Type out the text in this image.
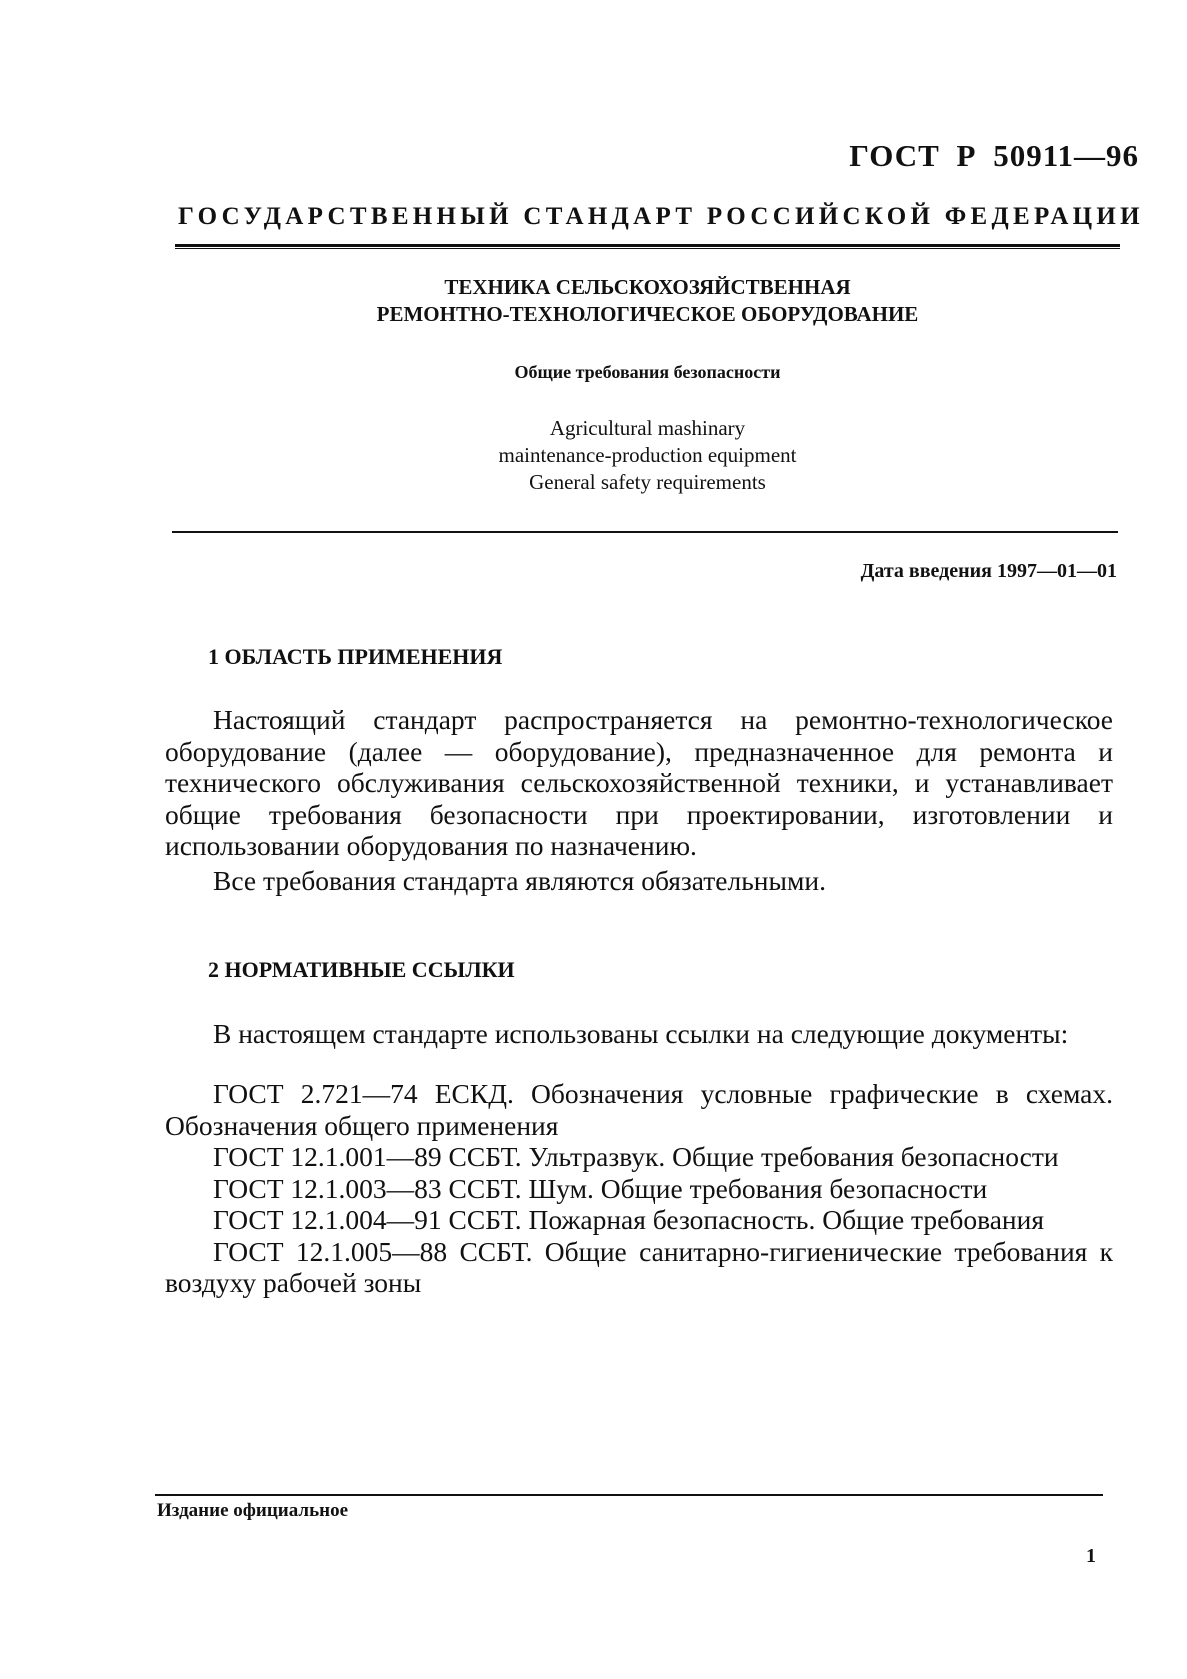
ГОСТ Р 50911—96
ГОСУДАРСТВЕННЫЙ СТАНДАРТ РОССИЙСКОЙ ФЕДЕРАЦИИ
ТЕХНИКА СЕЛЬСКОХОЗЯЙСТВЕННАЯ
РЕМОНТНО-ТЕХНОЛОГИЧЕСКОЕ ОБОРУДОВАНИЕ
Общие требования безопасности
Agricultural mashinary
maintenance-production equipment
General safety requirements
Дата введения 1997—01—01
1 ОБЛАСТЬ ПРИМЕНЕНИЯ

Настоящий стандарт распространяется на ремонтно-технологическое оборудование (далее — оборудование), предназначенное для ремонта и технического обслуживания сельскохозяйственной техники, и устанавливает общие требования безопасности при проектировании, изготовлении и использовании оборудования по назначению.

Все требования стандарта являются обязательными.

2 НОРМАТИВНЫЕ ССЫЛКИ

В настоящем стандарте использованы ссылки на следующие документы:

ГОСТ 2.721—74 ЕСКД. Обозначения условные графические в схемах. Обозначения общего применения

ГОСТ 12.1.001—89 ССБТ. Ультразвук. Общие требования безопасности

ГОСТ 12.1.003—83 ССБТ. Шум. Общие требования безопасности

ГОСТ 12.1.004—91 ССБТ. Пожарная безопасность. Общие требования

ГОСТ 12.1.005—88 ССБТ. Общие санитарно-гигиенические требования к воздуху рабочей зоны

Издание официальное
1
